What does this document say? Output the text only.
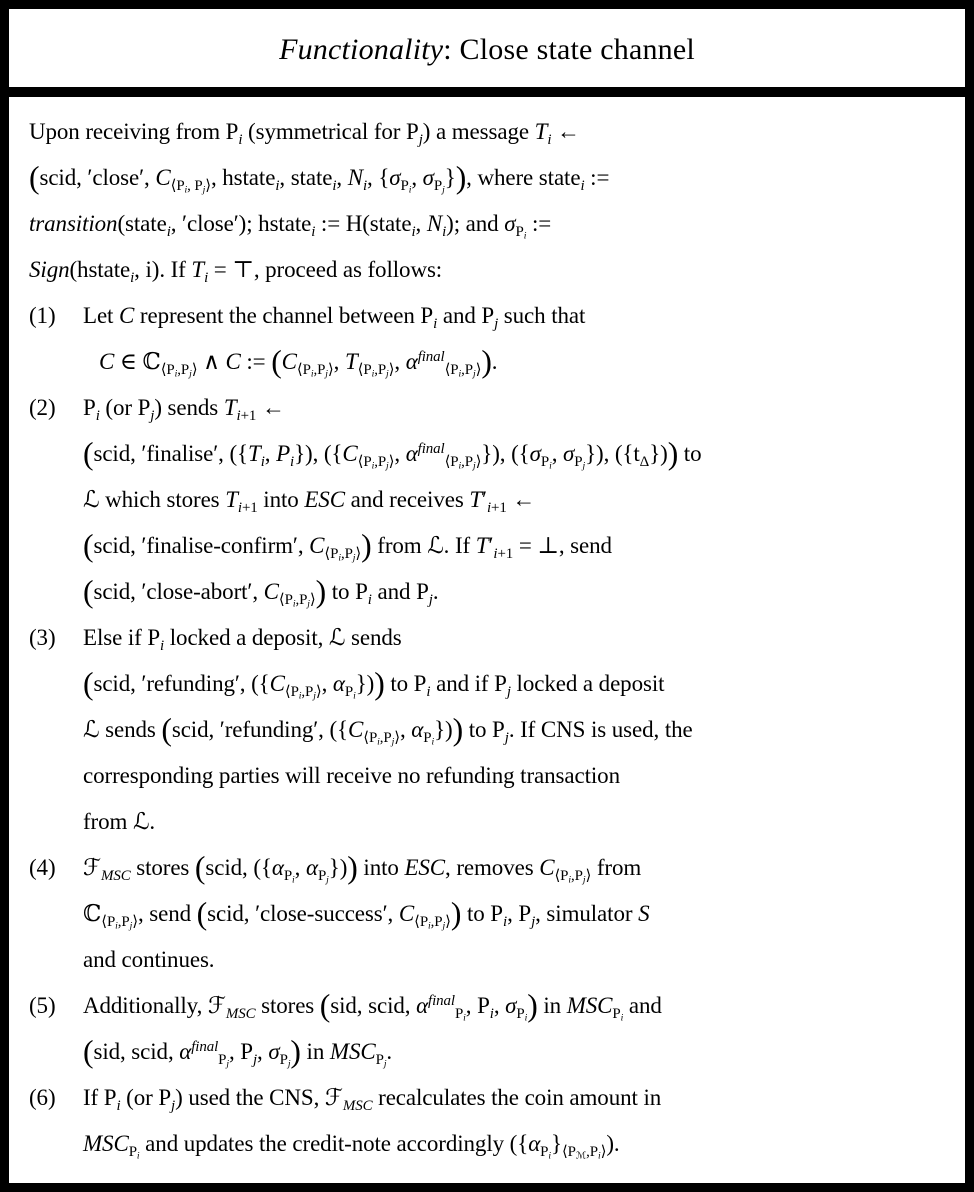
Functionality: Close state channel
Upon receiving from $P_i$ (symmetrical for $P_j$) a message $T_i$ ←
(scid, ′close′, $C_{⟨P_i, P_j⟩}$, hstate$_i$, state$_i$, $N_i$, {$\sigma_{P_i}$, $\sigma_{P_j}$}), where state$_i$ :=
transition(state$_i$, ′close′); hstate$_i$ := H(state$_i$, $N_i$); and $\sigma_{P_i}$ :=
Sign(hstate$_i$, i). If $T_i$ = ⊤, proceed as follows:
(1) Let C represent the channel between $P_i$ and $P_j$ such that
C ∈ ℂ$_{⟨P_i,P_j⟩}$ ∧ C := ($C_{⟨P_i,P_j⟩}$, $T_{⟨P_i,P_j⟩}$, $\alpha^{final}_{⟨P_i,P_j⟩}$).
(2) $P_i$ (or $P_j$) sends $T_{i+1}$ ←
(scid, ′finalise′, ({$T_i$, $P_i$}), ({$C_{⟨P_i,P_j⟩}$, $\alpha^{final}_{⟨P_i,P_j⟩}$}), ({$\sigma_{P_i}$, $\sigma_{P_j}$}), $(\{t_\Delta\})$) to
ℒ which stores $T_{i+1}$ into ESC and receives $T'_{i+1}$ ←
(scid, ′finalise-confirm′, $C_{⟨P_i,P_j⟩}$) from ℒ. If $T'_{i+1}$ = ⊥, send
(scid, ′close-abort′, $C_{⟨P_i,P_j⟩}$) to $P_i$ and $P_j$.
(3) Else if $P_i$ locked a deposit, ℒ sends
(scid, ′refunding′, ({$C_{⟨P_i,P_j⟩}$, $\alpha_{P_i}$})) to $P_i$ and if $P_j$ locked a deposit
ℒ sends (scid, ′refunding′, ({$C_{⟨P_i,P_j⟩}$, $\alpha_{P_i}$})) to $P_j$. If CNS is used, the
corresponding parties will receive no refunding transaction
from ℒ.
(4) ℱ$_{MSC}$ stores (scid, ({$\alpha_{P_i}$, $\alpha_{P_j}$})) into ESC, removes $C_{⟨P_i,P_j⟩}$ from
ℂ$_{⟨P_i,P_j⟩}$, send (scid, ′close-success′, $C_{⟨P_i,P_j⟩}$) to $P_i$, $P_j$, simulator S
and continues.
(5) Additionally, ℱ$_{MSC}$ stores (sid, scid, $\alpha^{final}_{P_i}$, $P_i$, $\sigma_{P_i}$) in $MSC_{P_i}$ and
(sid, scid, $\alpha^{final}_{P_j}$, $P_j$, $\sigma_{P_j}$) in $MSC_{P_j}$.
(6) If $P_i$ (or $P_j$) used the CNS, ℱ$_{MSC}$ recalculates the coin amount in
$MSC_{P_i}$ and updates the credit-note accordingly $(\{\alpha_{P_i}\}_{⟨P_ℳ,P_i⟩})$.
